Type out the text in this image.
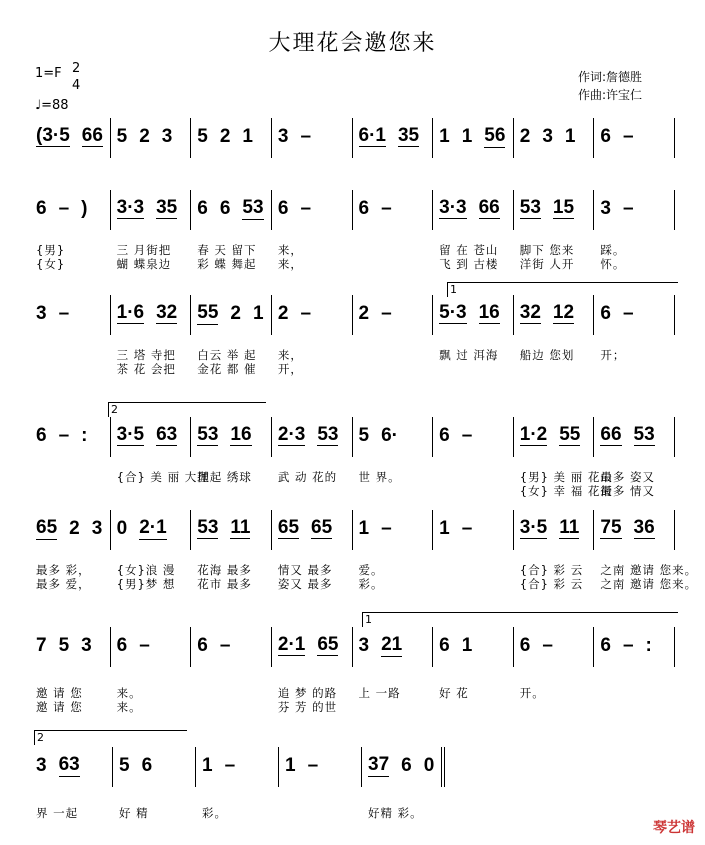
大理花会邀您来
1=F 2
4
♩=88
作词:詹德胜
作曲:许宝仁
(3·5 66 5 2 3 5 2 1 3 – 6·1 35 1 1 56 2 3 1 6 –
6 – )
{男}
{女}
3·3 35
三 月街把
蝴 蝶泉边
6 6 53
春 天 留下
彩 蝶 舞起
6 –
来，
来，
6 – 3·3 66
留 在 苍山
飞 到 古楼
53 15
脚下 您来
洋街 人开
3 –
踩。
怀。
3 – 1·6 32
三 塔 寺把
茶 花 会把
55 2 1
白云 举 起
金花 都 催
2 –
来，
开，
2 – 5·3 16
飘 过 洱海
32 12
船边 您划
6 –
开；
6 – : 3·5 63
{合} 美 丽 大理
53 16
抛起 绣球
2·3 53
武 动 花的
5 6·
世 界。
6 – 1·2 55
{男} 美 丽 花山
{女} 幸 福 花街
66 53
最多 姿又
最多 情又
65 2 3
最多 彩，
最多 爱，
0 2·1
{女}浪 漫
{男}梦 想
53 11
花海 最多
花市 最多
65 65
情又 最多
姿又 最多
1 –
爱。
彩。
1 – 3·5 11
{合} 彩 云
{合} 彩 云
75 36
之南 邀请 您来。
之南 邀请 您来。
7 5 3
邀 请 您
邀 请 您
6 –
来。
来。
6 – 2·1 65
追 梦 的路
芬 芳 的世
3 21
上 一路
6 1
好 花
6 –
开。
6 – :
3 63
界 一起
5 6
好 精
1 –
彩。
1 –	37 6 0
好精 彩。
1
2
1
2
琴艺谱
